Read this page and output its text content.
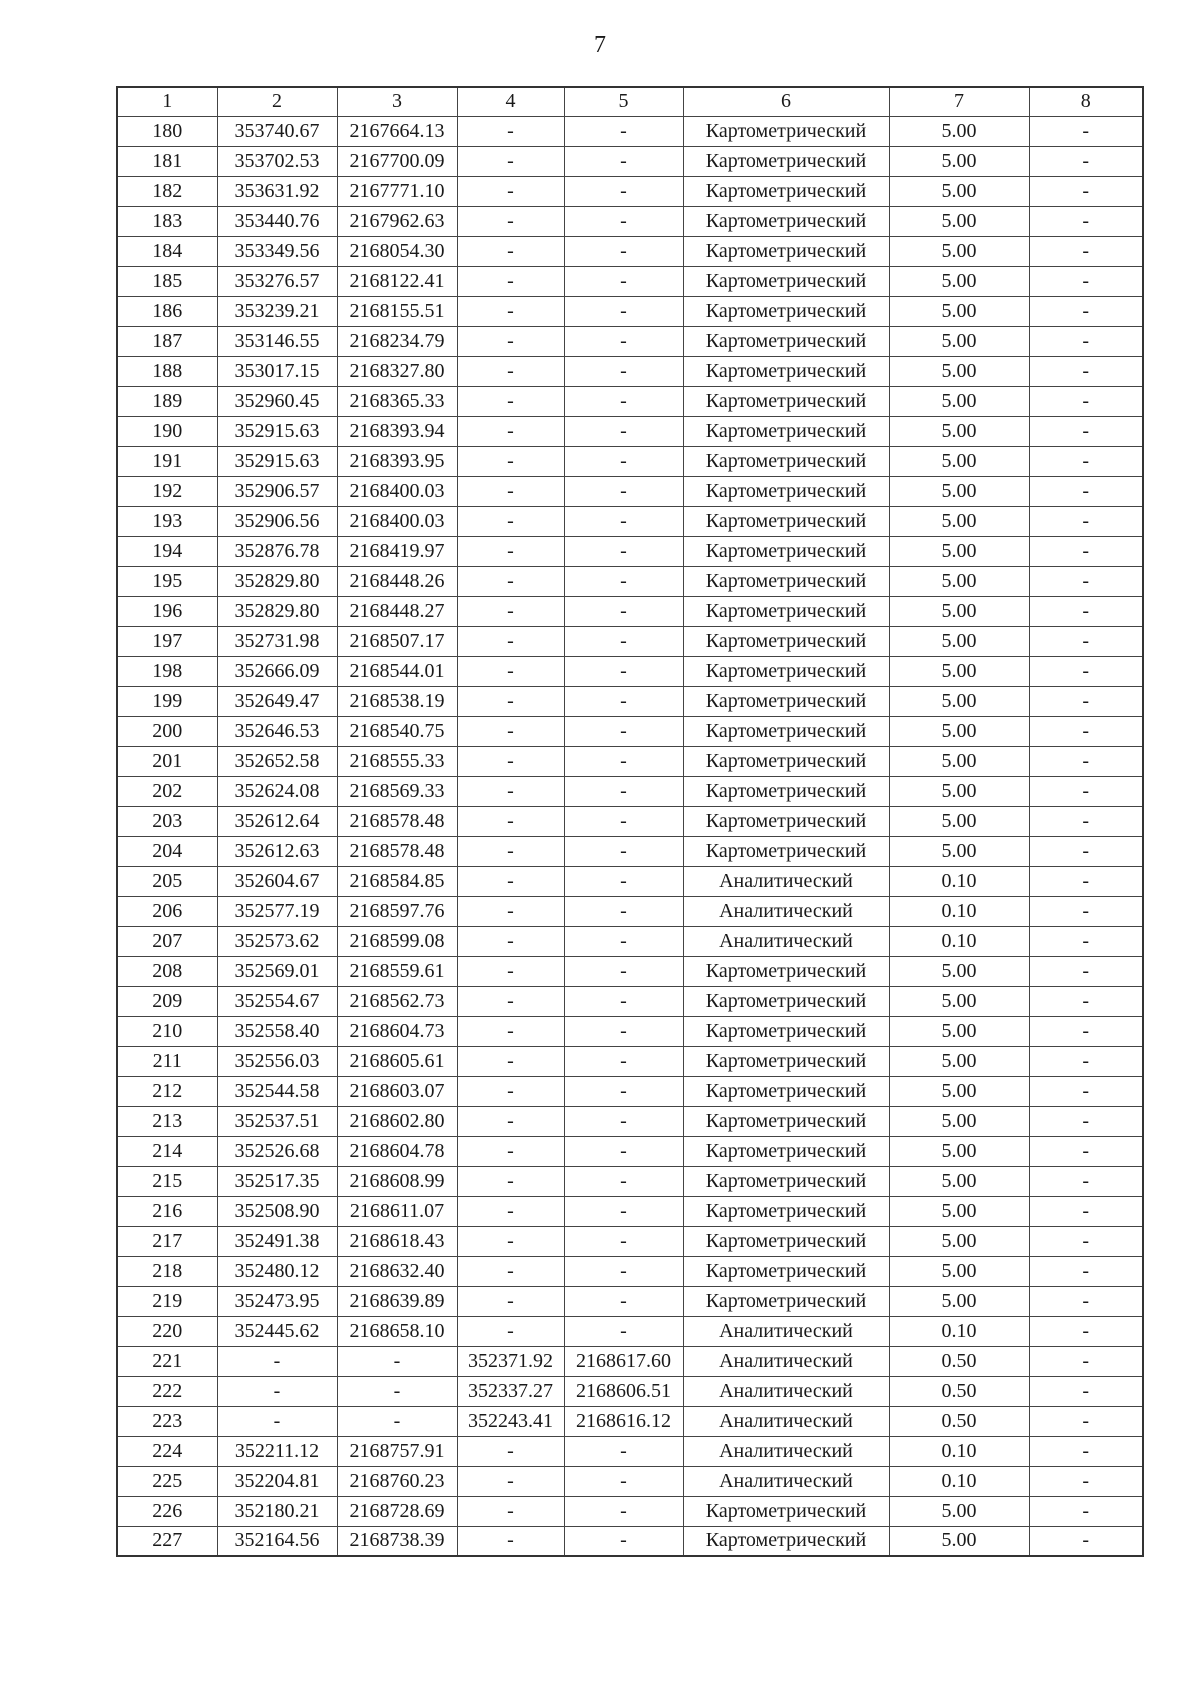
7
1	2	3	4	5	6	7	8
180	353740.67	2167664.13	-	-	Картометрический	5.00	-
181	353702.53	2167700.09	-	-	Картометрический	5.00	-
182	353631.92	2167771.10	-	-	Картометрический	5.00	-
183	353440.76	2167962.63	-	-	Картометрический	5.00	-
184	353349.56	2168054.30	-	-	Картометрический	5.00	-
185	353276.57	2168122.41	-	-	Картометрический	5.00	-
186	353239.21	2168155.51	-	-	Картометрический	5.00	-
187	353146.55	2168234.79	-	-	Картометрический	5.00	-
188	353017.15	2168327.80	-	-	Картометрический	5.00	-
189	352960.45	2168365.33	-	-	Картометрический	5.00	-
190	352915.63	2168393.94	-	-	Картометрический	5.00	-
191	352915.63	2168393.95	-	-	Картометрический	5.00	-
192	352906.57	2168400.03	-	-	Картометрический	5.00	-
193	352906.56	2168400.03	-	-	Картометрический	5.00	-
194	352876.78	2168419.97	-	-	Картометрический	5.00	-
195	352829.80	2168448.26	-	-	Картометрический	5.00	-
196	352829.80	2168448.27	-	-	Картометрический	5.00	-
197	352731.98	2168507.17	-	-	Картометрический	5.00	-
198	352666.09	2168544.01	-	-	Картометрический	5.00	-
199	352649.47	2168538.19	-	-	Картометрический	5.00	-
200	352646.53	2168540.75	-	-	Картометрический	5.00	-
201	352652.58	2168555.33	-	-	Картометрический	5.00	-
202	352624.08	2168569.33	-	-	Картометрический	5.00	-
203	352612.64	2168578.48	-	-	Картометрический	5.00	-
204	352612.63	2168578.48	-	-	Картометрический	5.00	-
205	352604.67	2168584.85	-	-	Аналитический	0.10	-
206	352577.19	2168597.76	-	-	Аналитический	0.10	-
207	352573.62	2168599.08	-	-	Аналитический	0.10	-
208	352569.01	2168559.61	-	-	Картометрический	5.00	-
209	352554.67	2168562.73	-	-	Картометрический	5.00	-
210	352558.40	2168604.73	-	-	Картометрический	5.00	-
211	352556.03	2168605.61	-	-	Картометрический	5.00	-
212	352544.58	2168603.07	-	-	Картометрический	5.00	-
213	352537.51	2168602.80	-	-	Картометрический	5.00	-
214	352526.68	2168604.78	-	-	Картометрический	5.00	-
215	352517.35	2168608.99	-	-	Картометрический	5.00	-
216	352508.90	2168611.07	-	-	Картометрический	5.00	-
217	352491.38	2168618.43	-	-	Картометрический	5.00	-
218	352480.12	2168632.40	-	-	Картометрический	5.00	-
219	352473.95	2168639.89	-	-	Картометрический	5.00	-
220	352445.62	2168658.10	-	-	Аналитический	0.10	-
221	-	-	352371.92	2168617.60	Аналитический	0.50	-
222	-	-	352337.27	2168606.51	Аналитический	0.50	-
223	-	-	352243.41	2168616.12	Аналитический	0.50	-
224	352211.12	2168757.91	-	-	Аналитический	0.10	-
225	352204.81	2168760.23	-	-	Аналитический	0.10	-
226	352180.21	2168728.69	-	-	Картометрический	5.00	-
227	352164.56	2168738.39	-	-	Картометрический	5.00	-
